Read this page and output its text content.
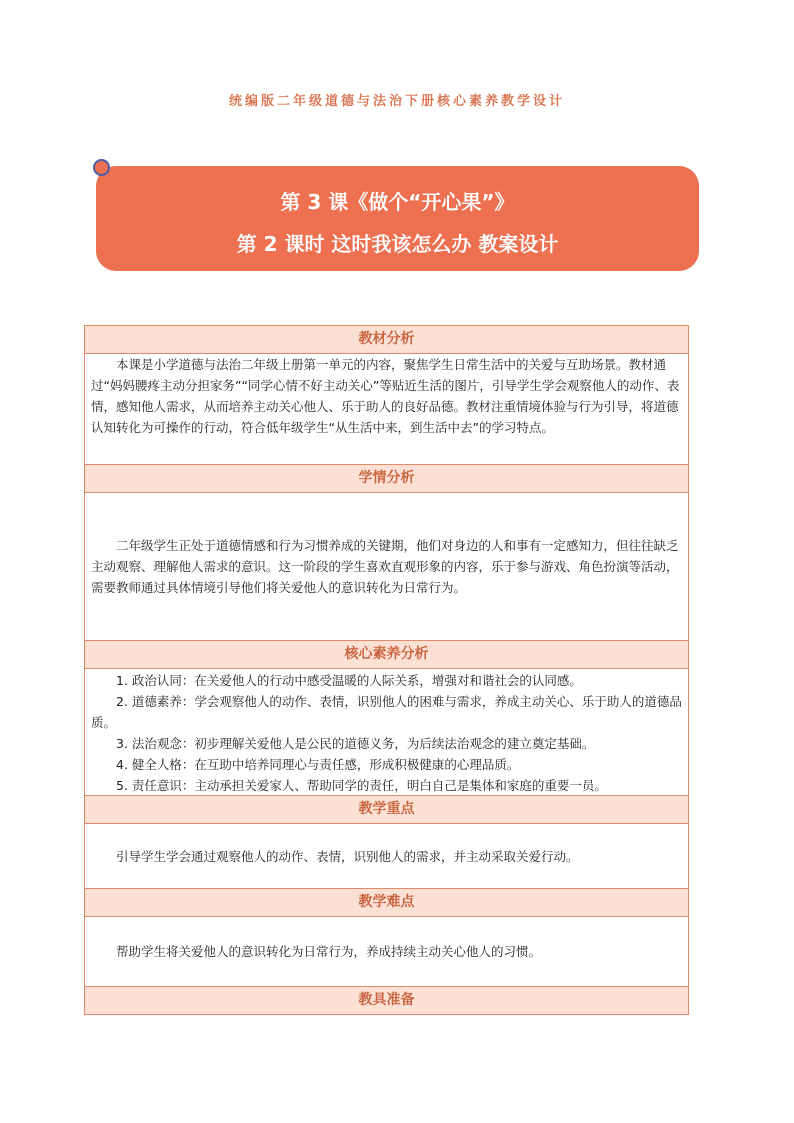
统编版二年级道德与法治下册核心素养教学设计
第 3 课《做个“开心果”》
第 2 课时 这时我该怎么办 教案设计
教材分析

本课是小学道德与法治二年级上册第一单元的内容，聚焦学生日常生活中的关爱与互助场景。教材通过“妈妈腰疼主动分担家务”“同学心情不好主动关心”等贴近生活的图片，引导学生学会观察他人的动作、表情，感知他人需求，从而培养主动关心他人、乐于助人的良好品德。教材注重情境体验与行为引导，将道德认知转化为可操作的行动，符合低年级学生“从生活中来，到生活中去”的学习特点。

学情分析

二年级学生正处于道德情感和行为习惯养成的关键期，他们对身边的人和事有一定感知力，但往往缺乏主动观察、理解他人需求的意识。这一阶段的学生喜欢直观形象的内容，乐于参与游戏、角色扮演等活动，需要教师通过具体情境引导他们将关爱他人的意识转化为日常行为。

核心素养分析

1. 政治认同：在关爱他人的行动中感受温暖的人际关系，增强对和谐社会的认同感。

2. 道德素养：学会观察他人的动作、表情，识别他人的困难与需求，养成主动关心、乐于助人的道德品质。

3. 法治观念：初步理解关爱他人是公民的道德义务，为后续法治观念的建立奠定基础。

4. 健全人格：在互助中培养同理心与责任感，形成积极健康的心理品质。

5. 责任意识：主动承担关爱家人、帮助同学的责任，明白自己是集体和家庭的重要一员。

教学重点

引导学生学会通过观察他人的动作、表情，识别他人的需求，并主动采取关爱行动。

教学难点

帮助学生将关爱他人的意识转化为日常行为，养成持续主动关心他人的习惯。

教具准备
